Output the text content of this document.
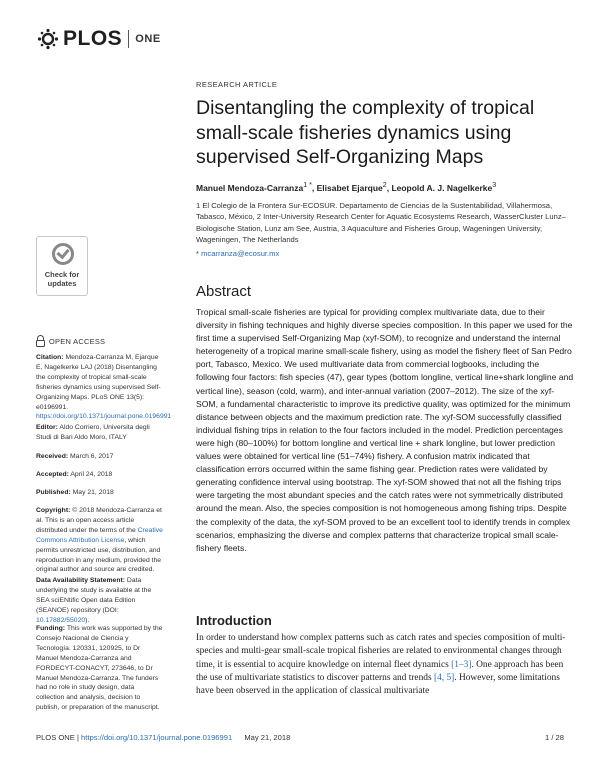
PLOS ONE
RESEARCH ARTICLE
Disentangling the complexity of tropical small-scale fisheries dynamics using supervised Self-Organizing Maps
Manuel Mendoza-Carranza$^{1 *}$, Elisabet Ejarque$^2$, Leopold A. J. Nagelkerke$^3$
1 El Colegio de la Frontera Sur-ECOSUR. Departamento de Ciencias de la Sustentabilidad, Villahermosa, Tabasco, México, 2 Inter-University Research Center for Aquatic Ecosystems Research, WasserCluster Lunz–Biologische Station, Lunz am See, Austria, 3 Aquaculture and Fisheries Group, Wageningen University, Wageningen, The Netherlands
* mcarranza@ecosur.mx
Abstract

Tropical small-scale fisheries are typical for providing complex multivariate data, due to their diversity in fishing techniques and highly diverse species composition. In this paper we used for the first time a supervised Self-Organizing Map (xyf-SOM), to recognize and understand the internal heterogeneity of a tropical marine small-scale fishery, using as model the fishery fleet of San Pedro port, Tabasco, Mexico. We used multivariate data from commercial logbooks, including the following four factors: fish species (47), gear types (bottom longline, vertical line+shark longline and vertical line), season (cold, warm), and inter-annual variation (2007–2012). The size of the xyf-SOM, a fundamental characteristic to improve its predictive quality, was optimized for the minimum distance between objects and the maximum prediction rate. The xyf-SOM successfully classified individual fishing trips in relation to the four factors included in the model. Prediction percentages were high (80–100%) for bottom longline and vertical line + shark longline, but lower prediction values were obtained for vertical line (51–74%) fishery. A confusion matrix indicated that classification errors occurred within the same fishing gear. Prediction rates were validated by generating confidence interval using bootstrap. The xyf-SOM showed that not all the fishing trips were targeting the most abundant species and the catch rates were not symmetrically distributed around the mean. Also, the species composition is not homogeneous among fishing trips. Despite the complexity of the data, the xyf-SOM proved to be an excellent tool to identify trends in complex scenarios, emphasizing the diverse and complex patterns that characterize tropical small scale-fishery fleets.

Introduction

In order to understand how complex patterns such as catch rates and species composition of multi-species and multi-gear small-scale tropical fisheries are related to environmental changes through time, it is essential to acquire knowledge on internal fleet dynamics [1–3]. One approach has been the use of multivariate statistics to discover patterns and trends [4, 5]. However, some limitations have been observed in the application of classical multivariate

Check for updates
OPEN ACCESS
Citation: Mendoza-Carranza M, Ejarque E, Nagelkerke LAJ (2018) Disentangling the complexity of tropical small-scale fisheries dynamics using supervised Self-Organizing Maps. PLoS ONE 13(5): e0196991. https://doi.org/10.1371/journal.pone.0196991
Editor: Aldo Corriero, Universita degli Studi di Bari Aldo Moro, ITALY
Received: March 6, 2017
Accepted: April 24, 2018
Published: May 21, 2018
Copyright: © 2018 Mendoza-Carranza et al. This is an open access article distributed under the terms of the Creative Commons Attribution License, which permits unrestricted use, distribution, and reproduction in any medium, provided the original author and source are credited.
Data Availability Statement: Data underlying the study is available at the SEA sciENtific Open data Edition (SEANOE) repository (DOI: 10.17882/55020).
Funding: This work was supported by the Consejo Nacional de Ciencia y Tecnología. 120331, 120925, to Dr Manuel Mendoza-Carranza and FORDECYT-CONACYT, 273646, to Dr Manuel Mendoza-Carranza. The funders had no role in study design, data collection and analysis, decision to publish, or preparation of the manuscript.
PLOS ONE | https://doi.org/10.1371/journal.pone.0196991 May 21, 2018	1 / 28
